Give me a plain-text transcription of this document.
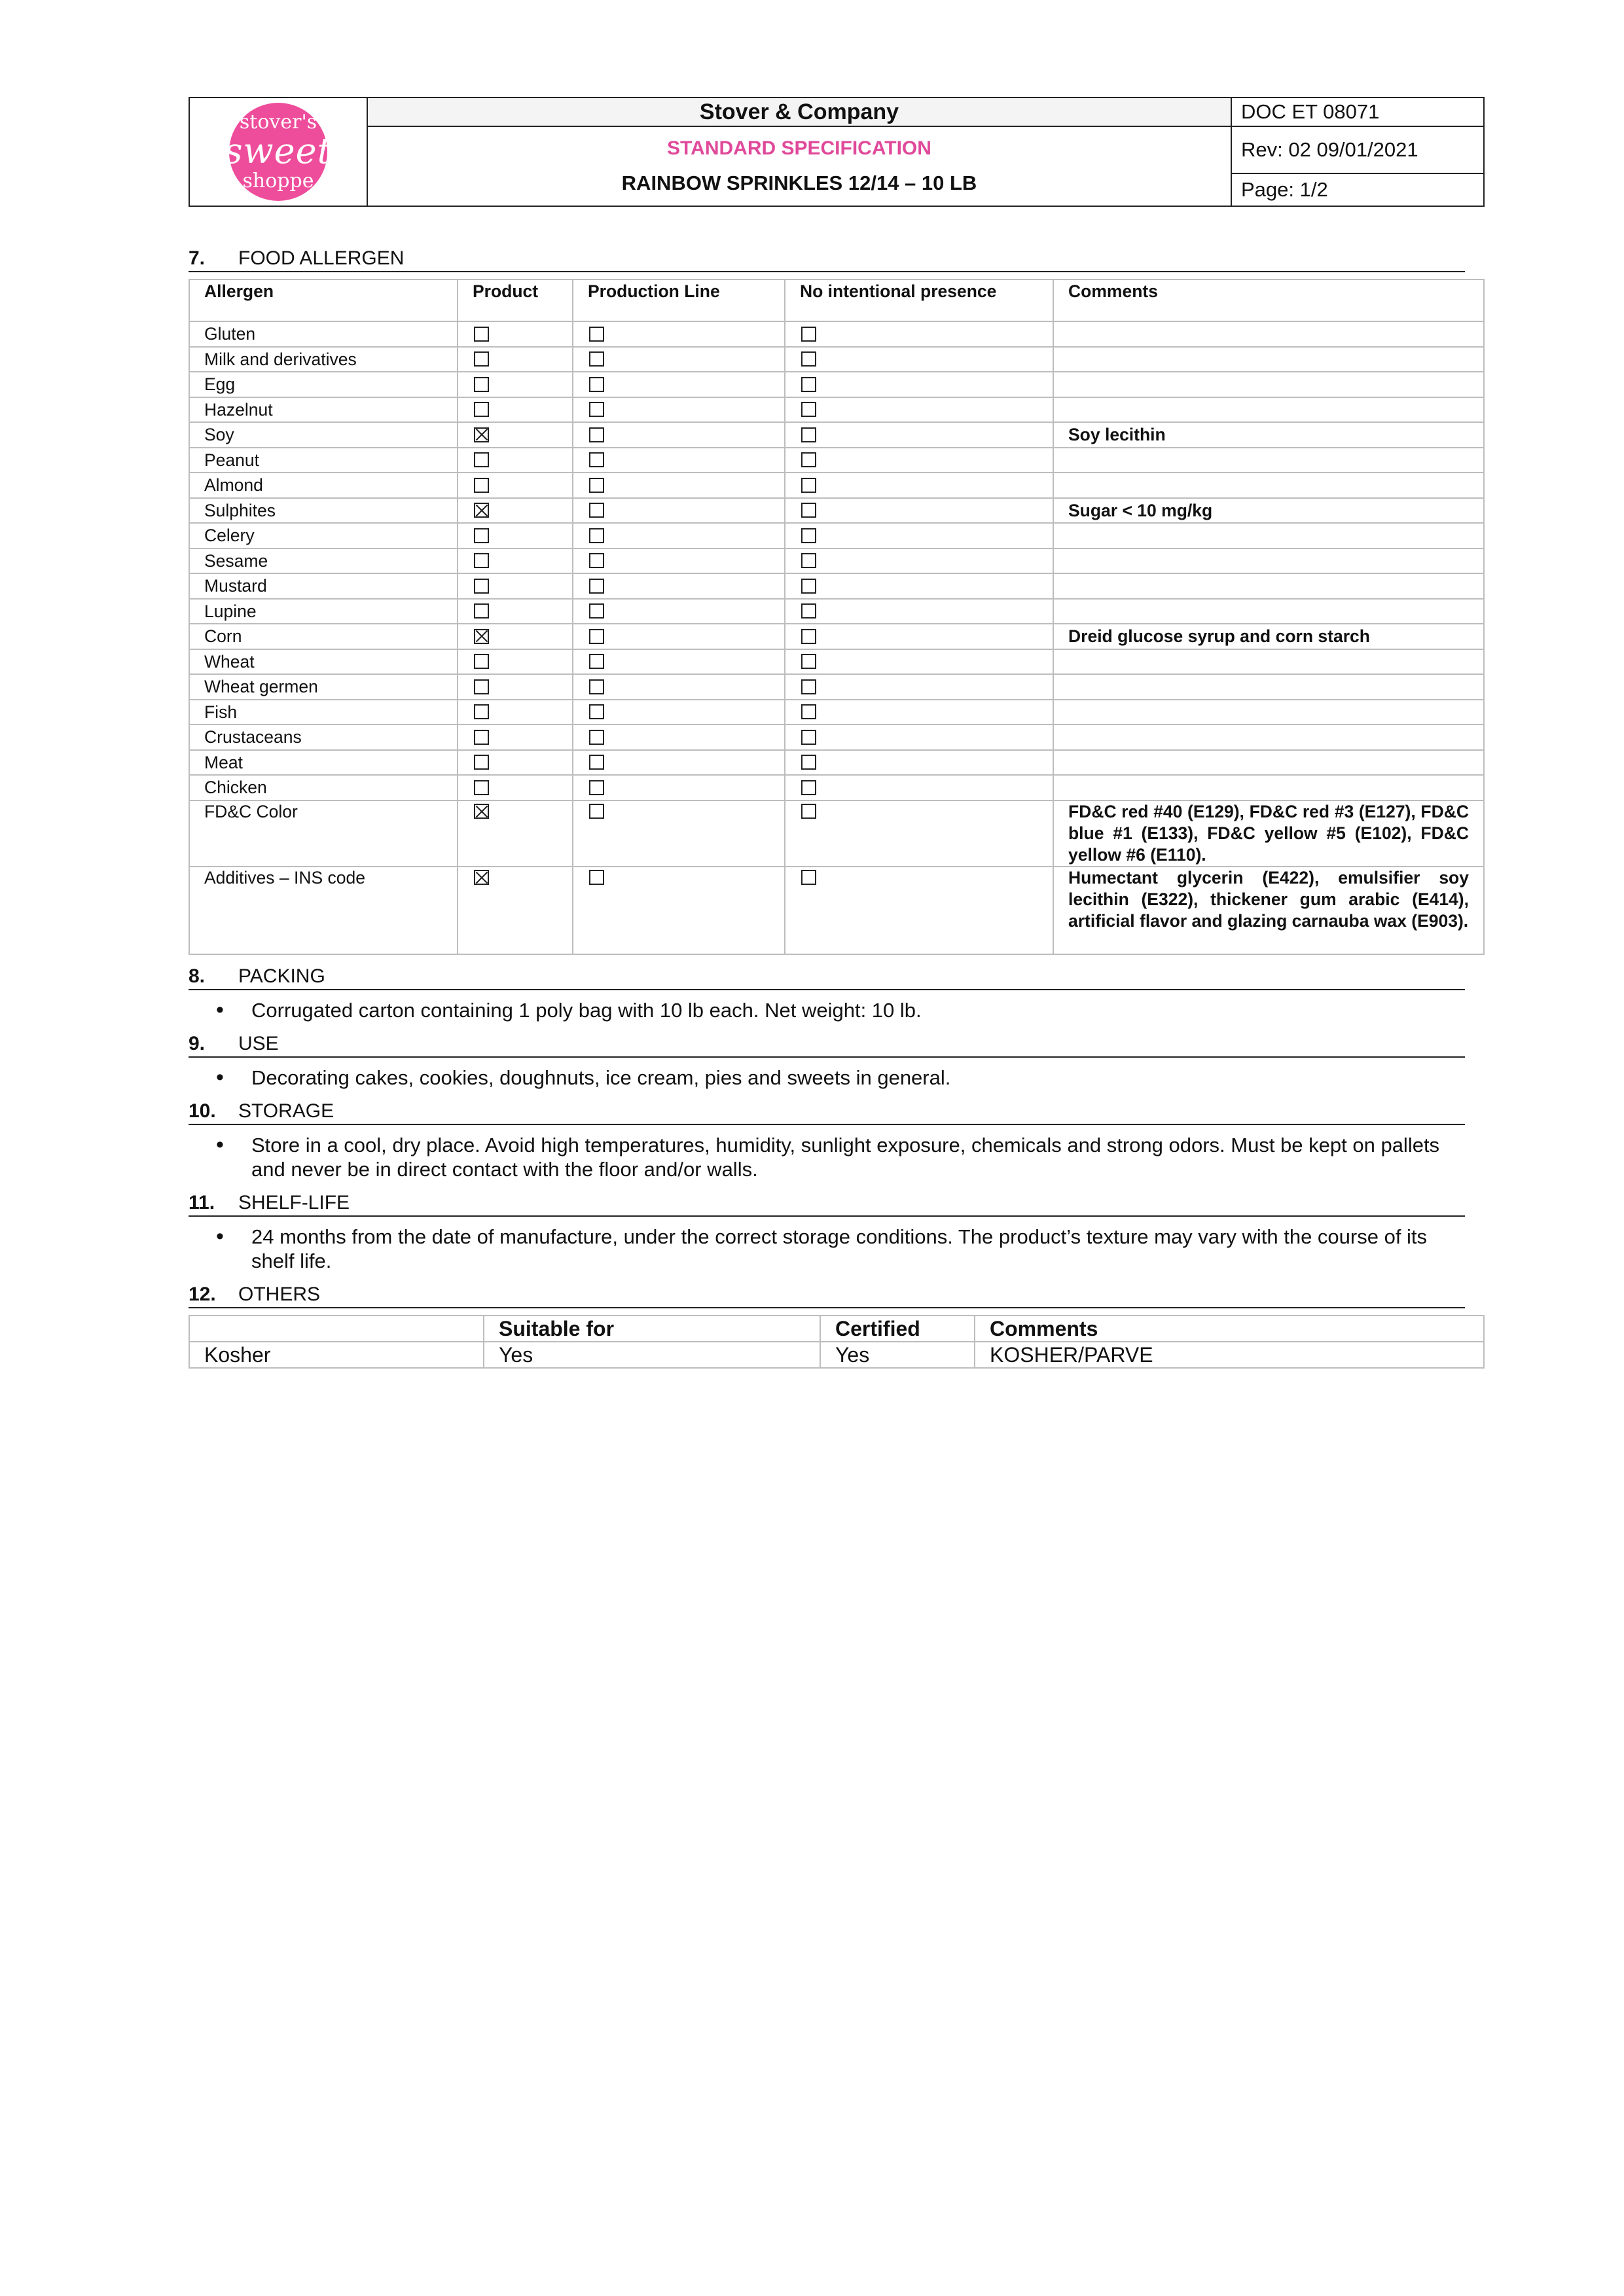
stover's
sweet
shoppe	Stover & Company	DOC ET 08071

	STANDARD SPECIFICATION
RAINBOW SPRINKLES 12/14 – 10 LB	Rev: 02 09/01/2021
		Page: 1/2
7.	FOOD ALLERGEN
Allergen	Product	Production Line	No intentional presence	Comments
Gluten				
Milk and derivatives				
Egg				
Hazelnut				
Soy				Soy lecithin
Peanut				
Almond				
Sulphites				Sugar < 10 mg/kg
Celery				
Sesame				
Mustard				
Lupine				
Corn				Dreid glucose syrup and corn starch
Wheat				
Wheat germen				
Fish				
Crustaceans				
Meat				
Chicken				
FD&C Color				FD&C red #40 (E129), FD&C red #3 (E127), FD&C blue #1 (E133), FD&C yellow #5 (E102), FD&C yellow #6 (E110).
Additives – INS code				Humectant glycerin (E422), emulsifier soy lecithin (E322), thickener gum arabic (E414), artificial flavor and glazing carnauba wax (E903).
8.	PACKING
•	Corrugated carton containing 1 poly bag with 10 lb each. Net weight: 10 lb.
9.	USE
•	Decorating cakes, cookies, doughnuts, ice cream, pies and sweets in general.
10.	STORAGE
•	Store in a cool, dry place. Avoid high temperatures, humidity, sunlight exposure, chemicals and strong odors. Must be kept on pallets and never be in direct contact with the floor and/or walls.
11.	SHELF-LIFE
•	24 months from the date of manufacture, under the correct storage conditions. The product’s texture may vary with the course of its shelf life.
12.	OTHERS
	Suitable for	Certified	Comments
Kosher	Yes	Yes	KOSHER/PARVE
